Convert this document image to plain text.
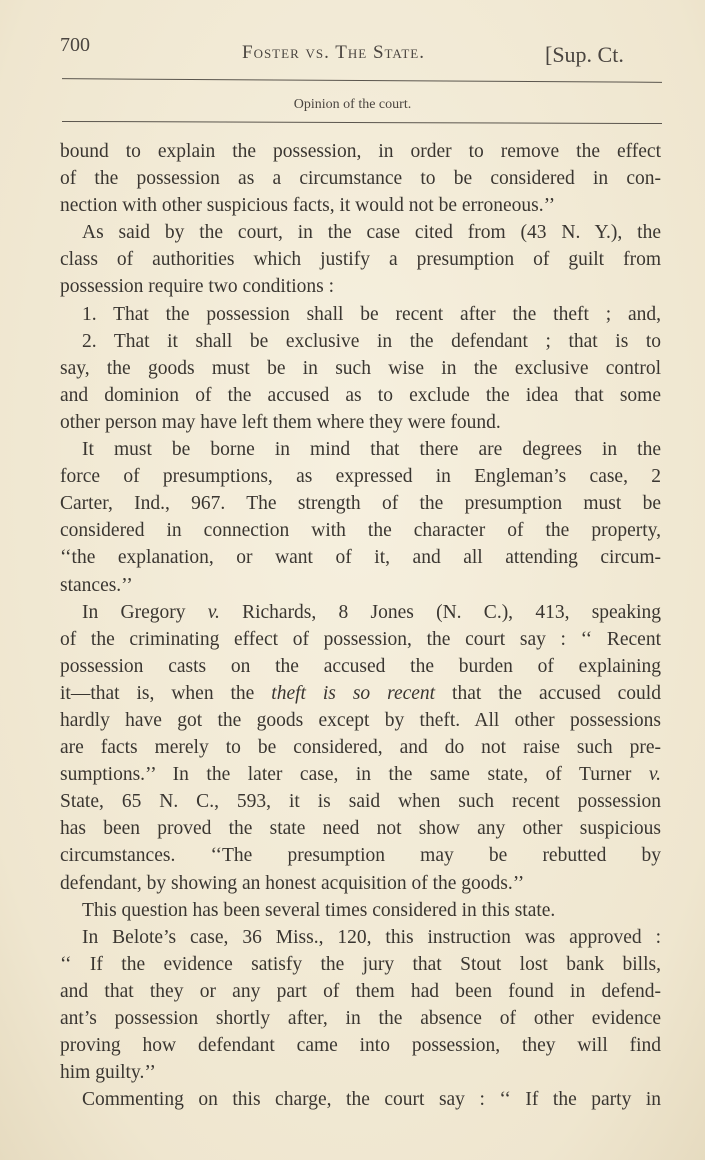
700	Foster vs. The State.	[Sup. Ct.
Opinion of the court.
bound to explain the possession, in order to remove the effect
of the possession as a circumstance to be considered in con-
nection with other suspicious facts, it would not be erroneous.’’
As said by the court, in the case cited from (43 N. Y.), the
class of authorities which justify a presumption of guilt from
possession require two conditions :
1. That the possession shall be recent after the theft ; and,
2. That it shall be exclusive in the defendant ; that is to
say, the goods must be in such wise in the exclusive control
and dominion of the accused as to exclude the idea that some
other person may have left them where they were found.
It must be borne in mind that there are degrees in the
force of presumptions, as expressed in Engleman’s case, 2
Carter, Ind., 967. The strength of the presumption must be
considered in connection with the character of the property,
‘‘the explanation, or want of it, and all attending circum-
stances.’’
In Gregory v. Richards, 8 Jones (N. C.), 413, speaking
of the criminating effect of possession, the court say : ‘‘ Recent
possession casts on the accused the burden of explaining
it—that is, when the theft is so recent that the accused could
hardly have got the goods except by theft. All other possessions
are facts merely to be considered, and do not raise such pre-
sumptions.’’ In the later case, in the same state, of Turner v.
State, 65 N. C., 593, it is said when such recent possession
has been proved the state need not show any other suspicious
circumstances. ‘‘The presumption may be rebutted by
defendant, by showing an honest acquisition of the goods.’’
This question has been several times considered in this state.
In Belote’s case, 36 Miss., 120, this instruction was approved :
‘‘ If the evidence satisfy the jury that Stout lost bank bills,
and that they or any part of them had been found in defend-
ant’s possession shortly after, in the absence of other evidence
proving how defendant came into possession, they will find
him guilty.’’
Commenting on this charge, the court say : ‘‘ If the party in
